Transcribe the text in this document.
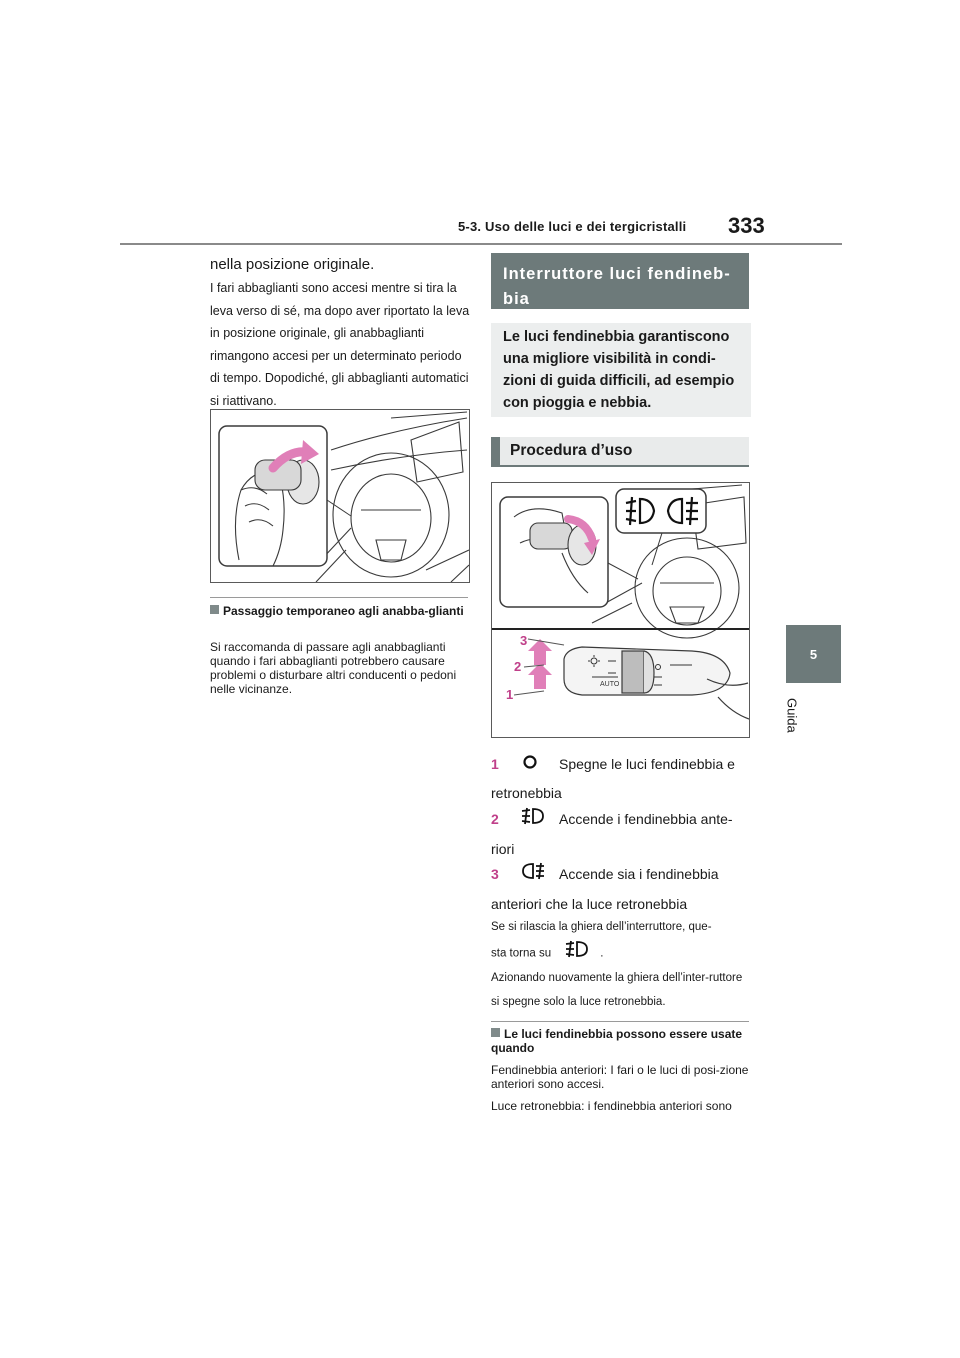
5-3. Uso delle luci e dei tergicristalli 333
5
Guida
nella posizione originale.
I fari abbaglianti sono accesi mentre si tira la leva verso di sé, ma dopo aver riportato la leva in posizione originale, gli anabbaglianti rimangono accesi per un determinato periodo di tempo. Dopodiché, gli abbaglianti automatici si riattivano.
Passaggio temporaneo agli anabba-glianti
Si raccomanda di passare agli anabbaglianti quando i fari abbaglianti potrebbero causare problemi o disturbare altri conducenti o pedoni nelle vicinanze.
Interruttore luci fendineb-bia
Le luci fendinebbia garantiscono una migliore visibilità in condi-zioni di guida difficili, ad esempio con pioggia e nebbia.
Procedura d’uso
AUTO
1
2
3
1	Spegne le luci fendinebbia e
retronebbia
2	Accende i fendinebbia ante-
riori
3	Accende sia i fendinebbia
anteriori che la luce retronebbia
Se si rilascia la ghiera dell’interruttore, que-
sta torna su	.
Azionando nuovamente la ghiera dell’inter-ruttore si spegne solo la luce retronebbia.
Le luci fendinebbia possono essere usate quando
Fendinebbia anteriori: I fari o le luci di posi-zione anteriori sono accesi.
Luce retronebbia: i fendinebbia anteriori sono
